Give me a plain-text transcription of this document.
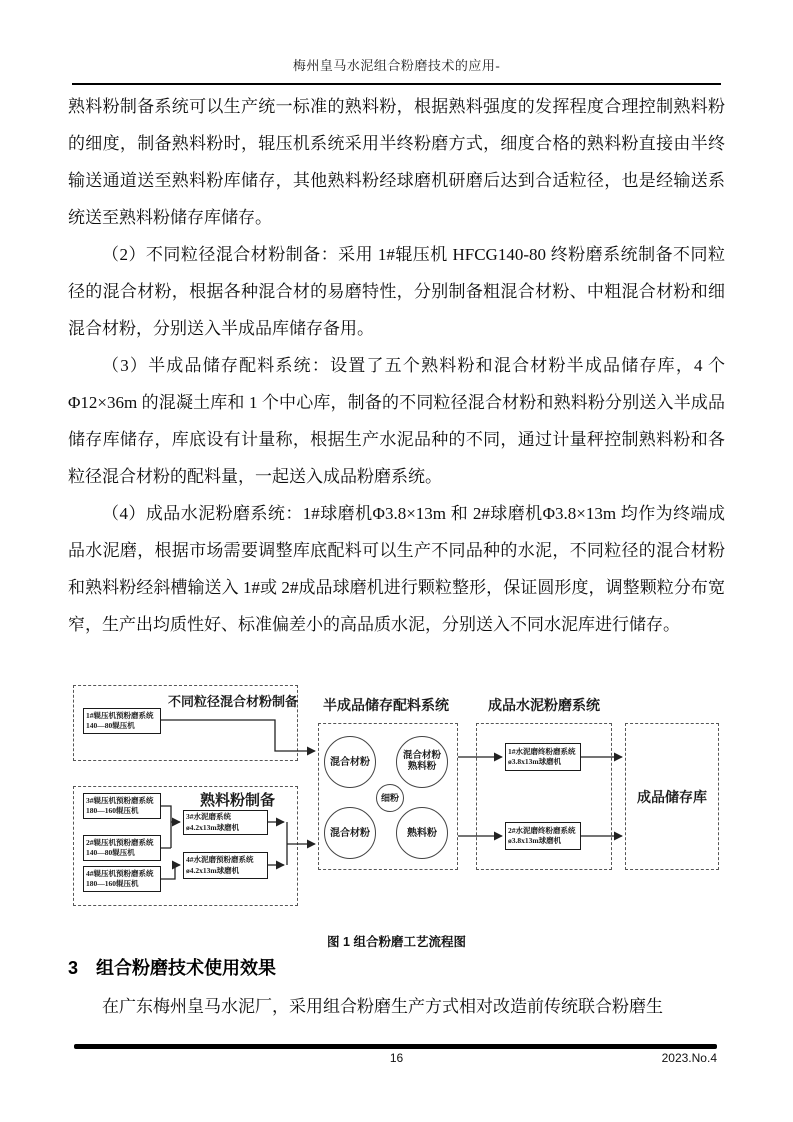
梅州皇马水泥组合粉磨技术的应用-

熟料粉制备系统可以生产统一标准的熟料粉，根据熟料强度的发挥程度合理控制熟料粉的细度，制备熟料粉时，辊压机系统采用半终粉磨方式，细度合格的熟料粉直接由半终输送通道送至熟料粉库储存，其他熟料粉经球磨机研磨后达到合适粒径，也是经输送系统送至熟料粉储存库储存。

（2）不同粒径混合材粉制备：采用 1#辊压机 HFCG140-80 终粉磨系统制备不同粒径的混合材粉，根据各种混合材的易磨特性，分别制备粗混合材粉、中粗混合材粉和细混合材粉，分别送入半成品库储存备用。

（3）半成品储存配料系统：设置了五个熟料粉和混合材粉半成品储存库，4 个Φ12×36m 的混凝土库和 1 个中心库，制备的不同粒径混合材粉和熟料粉分别送入半成品储存库储存，库底设有计量称，根据生产水泥品种的不同，通过计量秤控制熟料粉和各粒径混合材粉的配料量，一起送入成品粉磨系统。

（4）成品水泥粉磨系统：1#球磨机Φ3.8×13m 和 2#球磨机Φ3.8×13m 均作为终端成品水泥磨，根据市场需要调整库底配料可以生产不同品种的水泥，不同粒径的混合材粉和熟料粉经斜槽输送入 1#或 2#成品球磨机进行颗粒整形，保证圆形度，调整颗粒分布宽窄，生产出均质性好、标准偏差小的高品质水泥，分别送入不同水泥库进行储存。

不同粒径混合材粉制备
1#辊压机预粉磨系统
140—80辊压机
熟料粉制备
3#辊压机预粉磨系统
180—160辊压机
2#辊压机预粉磨系统
140—80辊压机
4#辊压机预粉磨系统
180—160辊压机
3#水泥磨系统
ø4.2x13m球磨机
4#水泥磨预粉磨系统
ø4.2x13m球磨机
半成品储存配料系统
混合材粉
混合材粉
熟料粉
细粉
混合材粉	熟料粉
成品水泥粉磨系统
1#水泥磨终粉磨系统
ø3.8x13m球磨机
2#水泥磨终粉磨系统
ø3.8x13m球磨机
成品储存库
图 1 组合粉磨工艺流程图
3 组合粉磨技术使用效果

在广东梅州皇马水泥厂，采用组合粉磨生产方式相对改造前传统联合粉磨生

16	2023.No.4
